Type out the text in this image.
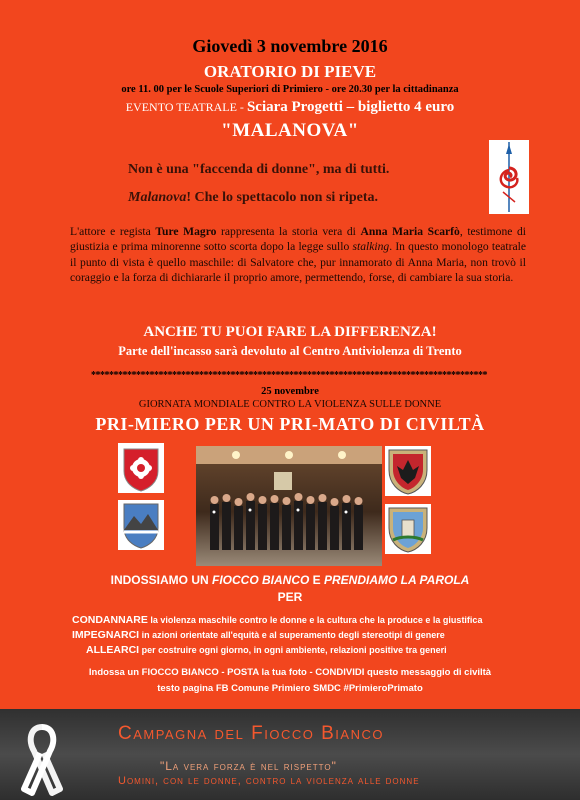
Giovedì 3 novembre 2016
ORATORIO DI PIEVE
ore 11. 00 per le Scuole Superiori di Primiero - ore 20.30 per la cittadinanza
EVENTO TEATRALE - Sciara Progetti – biglietto 4 euro
"MALANOVA"
Non è una "faccenda di donne", ma di tutti.
Malanova! Che lo spettacolo non si ripeta.
L'attore e regista Ture Magro rappresenta la storia vera di Anna Maria Scarfò, testimone di giustizia e prima minorenne sotto scorta dopo la legge sullo stalking. In questo monologo teatrale il punto di vista è quello maschile: di Salvatore che, pur innamorato di Anna Maria, non trovò il coraggio e la forza di dichiararle il proprio amore, permettendo, forse, di cambiare la sua storia.
ANCHE TU PUOI FARE LA DIFFERENZA!
Parte dell'incasso sarà devoluto al Centro Antiviolenza di Trento
****************************************************************************************
25 novembre
GIORNATA MONDIALE CONTRO LA VIOLENZA SULLE DONNE
PRI-MIERO PER UN PRI-MATO DI CIVILTÀ
INDOSSIAMO UN FIOCCO BIANCO E PRENDIAMO LA PAROLA
PER
CONDANNARE la violenza maschile contro le donne e la cultura che la produce e la giustifica
IMPEGNARCI in azioni orientate all'equità e al superamento degli stereotipi di genere
ALLEARCI per costruire ogni giorno, in ogni ambiente, relazioni positive tra generi
Indossa un FIOCCO BIANCO - POSTA la tua foto - CONDIVIDI questo messaggio di civiltà
testo pagina FB Comune Primiero SMDC #PrimieroPrimato
Campagna del Fiocco Bianco
"La vera forza è nel rispetto"
Uomini, con le donne, contro la violenza alle donne
